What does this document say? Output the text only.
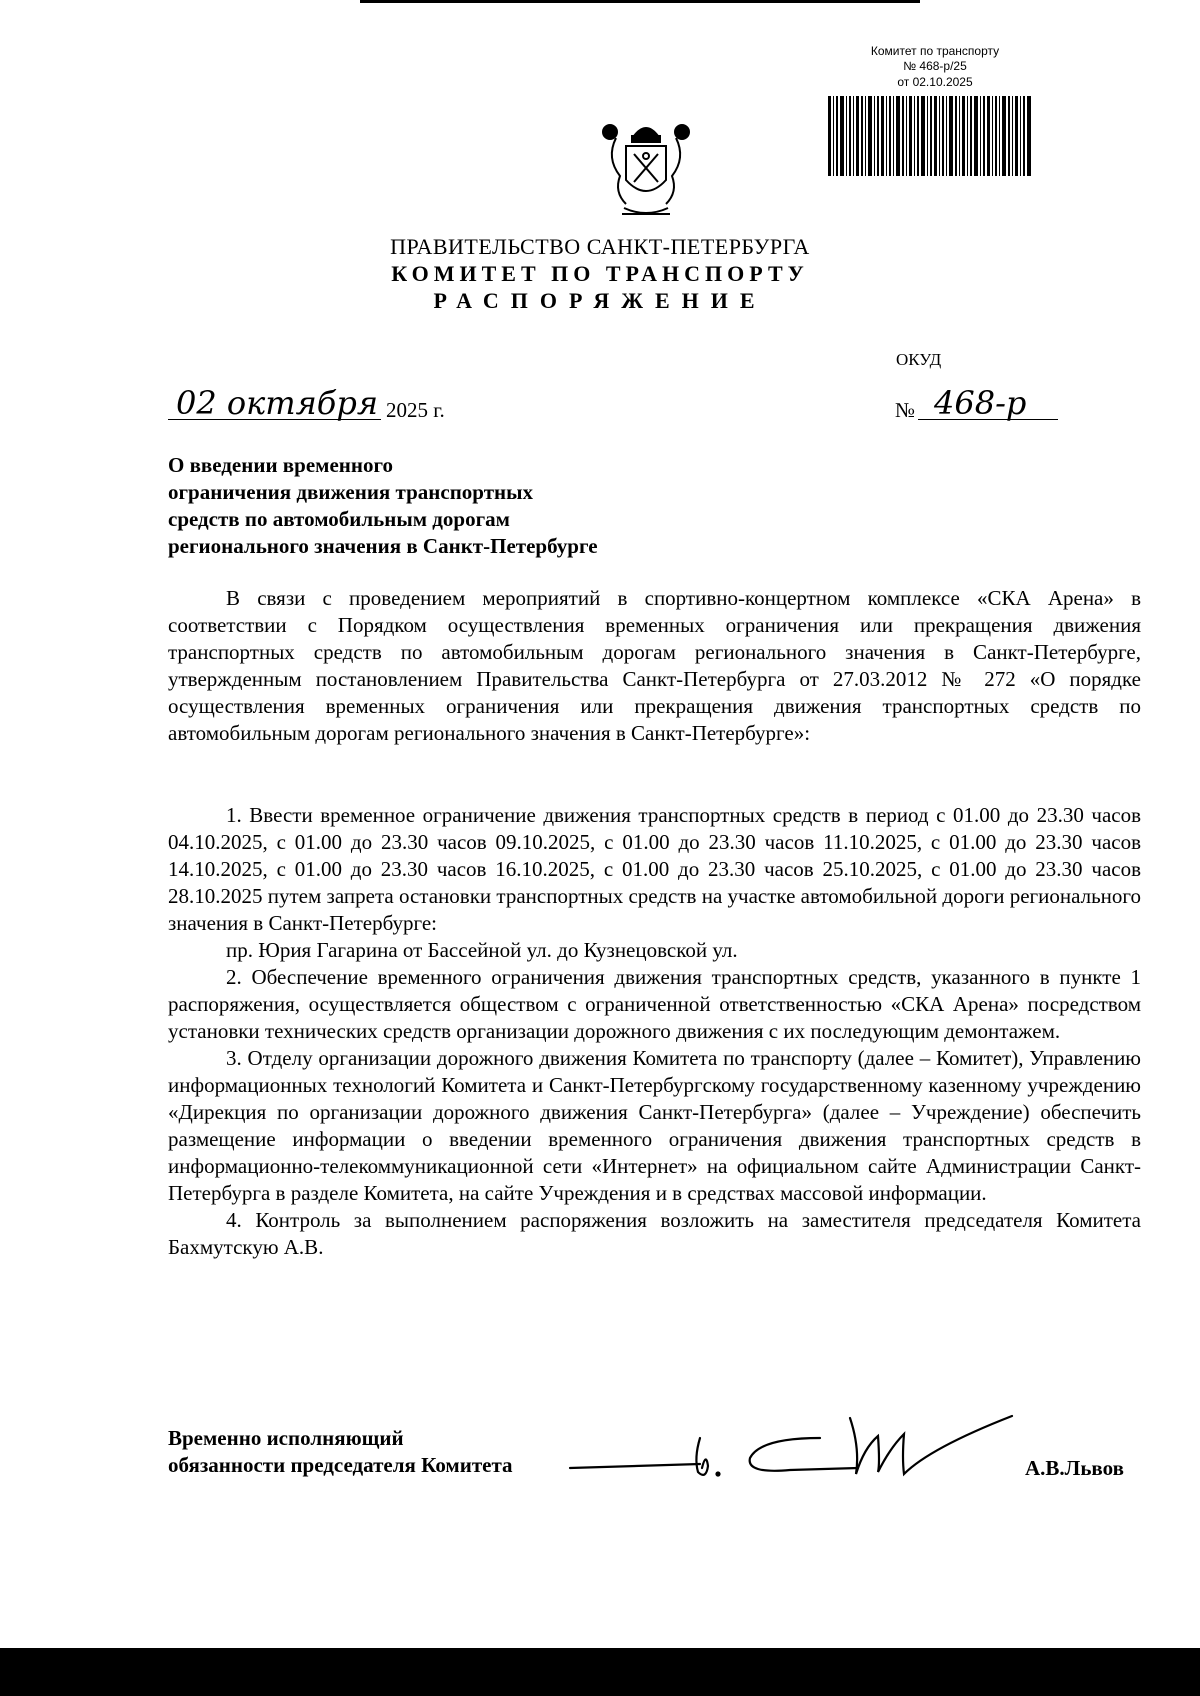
Комитет по транспорту
№ 468-р/25
от 02.10.2025
ПРАВИТЕЛЬСТВО САНКТ-ПЕТЕРБУРГА
КОМИТЕТ ПО ТРАНСПОРТУ
РАСПОРЯЖЕНИЕ
ОКУД
02 октября 2025 г.	№ 468-р
О введении временного
ограничения движения транспортных
средств по автомобильным дорогам
регионального значения в Санкт-Петербурге

В связи с проведением мероприятий в спортивно-концертном комплексе «СКА Арена» в соответствии с Порядком осуществления временных ограничения или прекращения движения транспортных средств по автомобильным дорогам регионального значения в Санкт-Петербурге, утвержденным постановлением Правительства Санкт-Петербурга от 27.03.2012 № 272 «О порядке осуществления временных ограничения или прекращения движения транспортных средств по автомобильным дорогам регионального значения в Санкт-Петербурге»:

1. Ввести временное ограничение движения транспортных средств в период с 01.00 до 23.30 часов 04.10.2025, с 01.00 до 23.30 часов 09.10.2025, с 01.00 до 23.30 часов 11.10.2025, с 01.00 до 23.30 часов 14.10.2025, с 01.00 до 23.30 часов 16.10.2025, с 01.00 до 23.30 часов 25.10.2025, с 01.00 до 23.30 часов 28.10.2025 путем запрета остановки транспортных средств на участке автомобильной дороги регионального значения в Санкт-Петербурге:

пр. Юрия Гагарина от Бассейной ул. до Кузнецовской ул.

2. Обеспечение временного ограничения движения транспортных средств, указанного в пункте 1 распоряжения, осуществляется обществом с ограниченной ответственностью «СКА Арена» посредством установки технических средств организации дорожного движения с их последующим демонтажем.

3. Отделу организации дорожного движения Комитета по транспорту (далее – Комитет), Управлению информационных технологий Комитета и Санкт-Петербургскому государственному казенному учреждению «Дирекция по организации дорожного движения Санкт-Петербурга» (далее – Учреждение) обеспечить размещение информации о введении временного ограничения движения транспортных средств в информационно-телекоммуникационной сети «Интернет» на официальном сайте Администрации Санкт-Петербурга в разделе Комитета, на сайте Учреждения и в средствах массовой информации.

4. Контроль за выполнением распоряжения возложить на заместителя председателя Комитета Бахмутскую А.В.

Временно исполняющий
обязанности председателя Комитета	А.В.Львов
